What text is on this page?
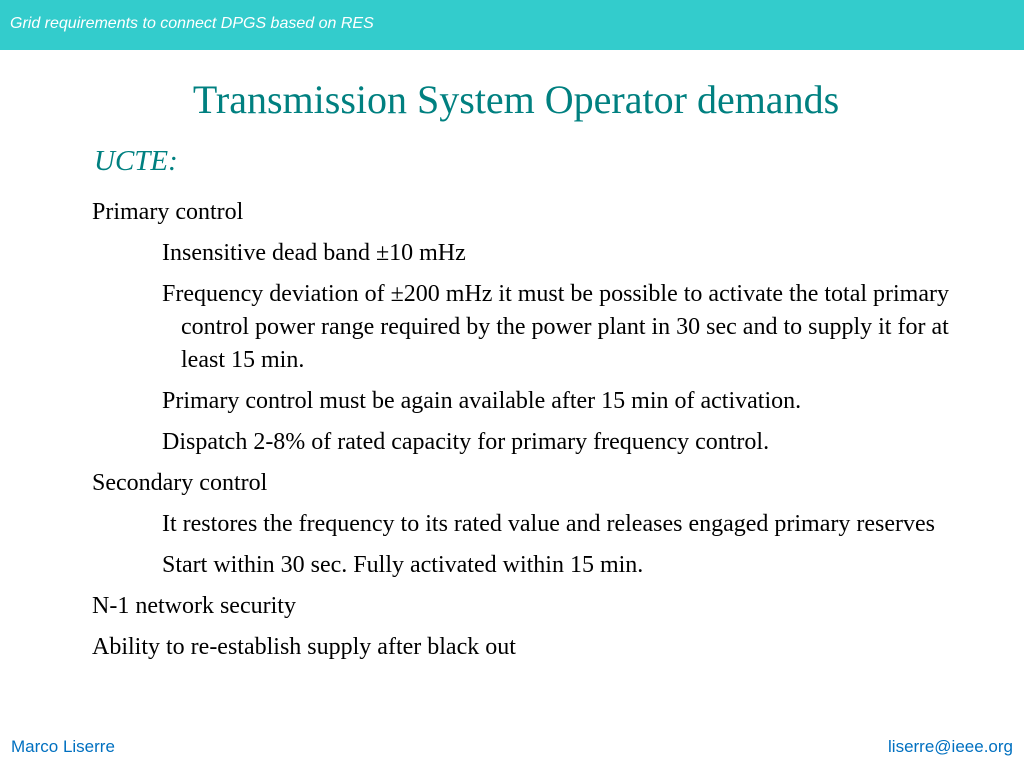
Grid requirements to connect DPGS based on RES
Transmission System Operator demands
UCTE:
Primary control
Insensitive dead band ±10 mHz
Frequency deviation of ±200 mHz it must be possible to activate the total primary control power range required by the power plant in 30 sec and to supply it for at least 15 min.
Primary control must be again available after 15 min of activation.
Dispatch 2-8% of rated capacity for primary frequency control.
Secondary control
It restores the frequency to its rated value and releases engaged primary reserves
Start within 30 sec. Fully activated within 15 min.
N-1 network security
Ability to re-establish supply after black out
Marco Liserre	liserre@ieee.org
